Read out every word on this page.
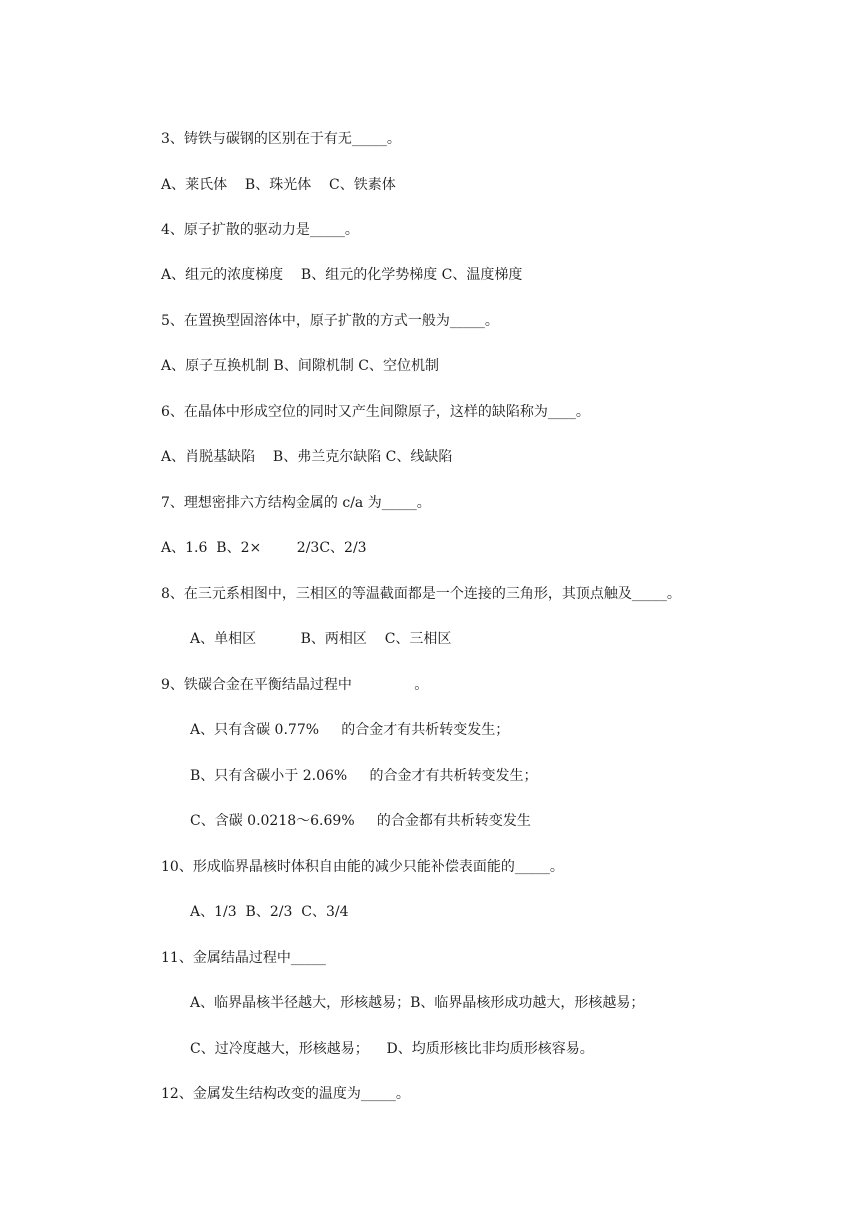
3、铸铁与碳钢的区别在于有无_____。
A、莱氏体    B、珠光体    C、铁素体
4、原子扩散的驱动力是_____。
A、组元的浓度梯度    B、组元的化学势梯度 C、温度梯度
5、在置换型固溶体中，原子扩散的方式一般为_____。
A、原子互换机制 B、间隙机制 C、空位机制
6、在晶体中形成空位的同时又产生间隙原子，这样的缺陷称为____。
A、肖脱基缺陷    B、弗兰克尔缺陷 C、线缺陷
7、理想密排六方结构金属的 c/a 为_____。
A、1.6  B、2×        2/3C、2/3
8、在三元系相图中，三相区的等温截面都是一个连接的三角形，其顶点触及_____。
A、单相区          B、两相区    C、三相区
9、铁碳合金在平衡结晶过程中              。
A、只有含碳 0.77%     的合金才有共析转变发生；
B、只有含碳小于 2.06%     的合金才有共析转变发生；
C、含碳 0.0218～6.69%     的合金都有共析转变发生
10、形成临界晶核时体积自由能的减少只能补偿表面能的_____。
A、1/3  B、2/3  C、3/4
11、金属结晶过程中_____
A、临界晶核半径越大，形核越易；B、临界晶核形成功越大，形核越易；
C、过冷度越大，形核越易；    D、均质形核比非均质形核容易。
12、金属发生结构改变的温度为_____。
